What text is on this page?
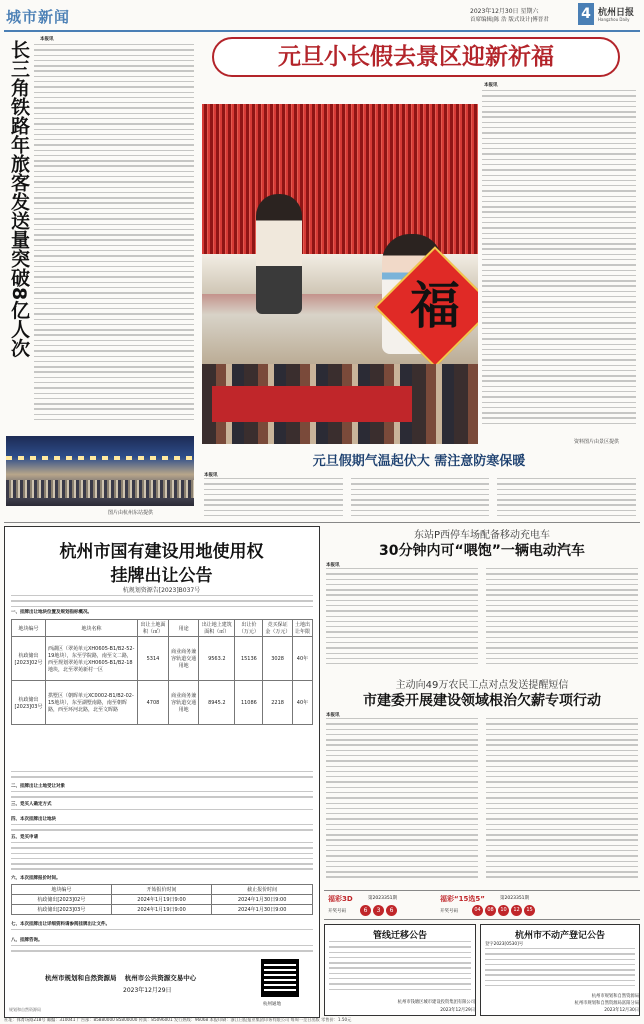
城市新闻	2023年12月30日 星期六
首席编辑|陈 浩 版式设计|傅晋君 4 杭州日报
Hangzhou Daily
长三角铁路年旅客发送量突破8亿人次
本报讯
图片由杭州东站提供
元旦小长假去景区迎新祈福
福
本报讯
资料图片由景区提供
元旦假期气温起伏大 需注意防寒保暖
本报讯
杭州市国有建设用地使用权
挂牌出让公告
杭规划资源告[2023]B037号
一、挂牌出让地块位置及规划指标概况。
地块编号	地块名称	出让土地面积（㎡）	用途	出让地上建筑面积（㎡）	出让价（万元）	竞买保证金（万元）	土地出让年限
杭政储出[2023]02号	西湖区（翠苑单元XH0605-B1/B2-52-19地块），东至学院路，南至文二路，西至规划翠苑单元XH0605-B1/B2-18地块，北至翠苑新村一区	5314	商业商务兼容轨道交通用地	9563.2	15136	3028	40年
杭政储出[2023]03号	拱墅区（朝晖单元XC0002-B1/B2-02-15地块），东至湖墅南路，南至朝晖路，西至环河北路，北至文晖路	4708	商业商务兼容轨道交通用地	8945.2	11086	2218	40年
二、挂牌出让土地受让对象
三、竞买人确定方式
四、本次挂牌出让地块
五、竞买申请
六、本次挂牌报价时间。
地块编号	开始报价时间	截止报价时间
杭政储出[2023]02号	2024年1月19日9:00	2024年1月30日9:00
杭政储出[2023]03号	2024年1月19日9:00	2024年1月30日9:00
七、本次挂牌出让详细资料请参阅挂牌出让文件。
八、挂牌咨询。
杭州通地
杭州市规划和自然资源局 杭州市公共资源交易中心
2023年12月29日
规划和自然资源局
东站P西停车场配备移动充电车
30分钟内可“喂饱”一辆电动汽车
本报讯
主动向49万农民工点对点发送提醒短信
市建委开展建设领域根治欠薪专项行动
本报讯
福彩3D	第2023351期
开奖号码	6	3	6
福彩“15选5”	第2023351期
开奖号码	04	08	10	12	15
管线迁移公告
杭州市钱塘区城市建设投资集团有限公司
2023年12月29日
杭州市不动产登记公告
登字2023[0530]号
杭州市规划和自然资源局
杭州市规划和自然资源局富阳分局
2023年12月30日
社址：体育场路218号 邮编：310041 广告部：85880000 85800000 传真：85096001 发行热线：96068 本报印刷：浙江日报报业集团印务有限公司 每周一至日出版 零售价：1.50元
